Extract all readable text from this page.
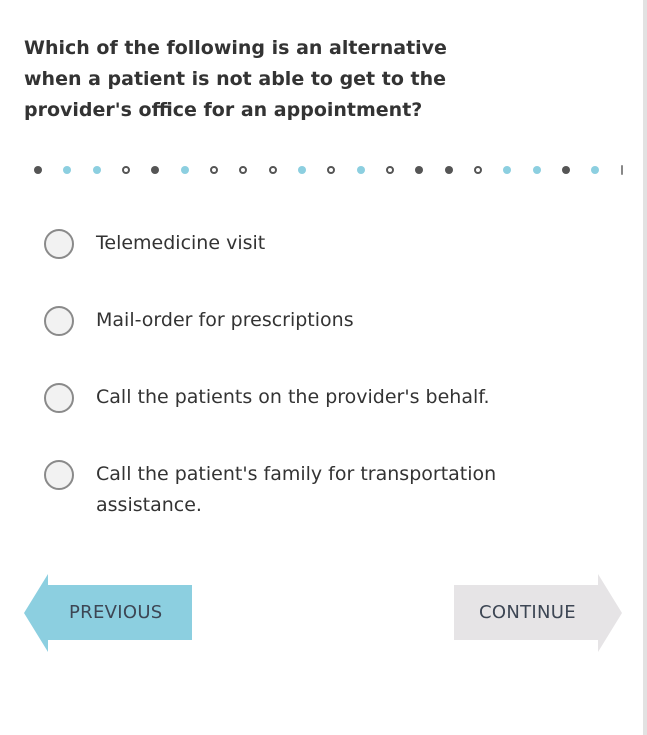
Which of the following is an alternative when a patient is not able to get to the provider's office for an appointment?

Telemedicine visit
Mail-order for prescriptions
Call the patients on the provider's behalf.
Call the patient's family for transportation assistance.
PREVIOUS	CONTINUE
